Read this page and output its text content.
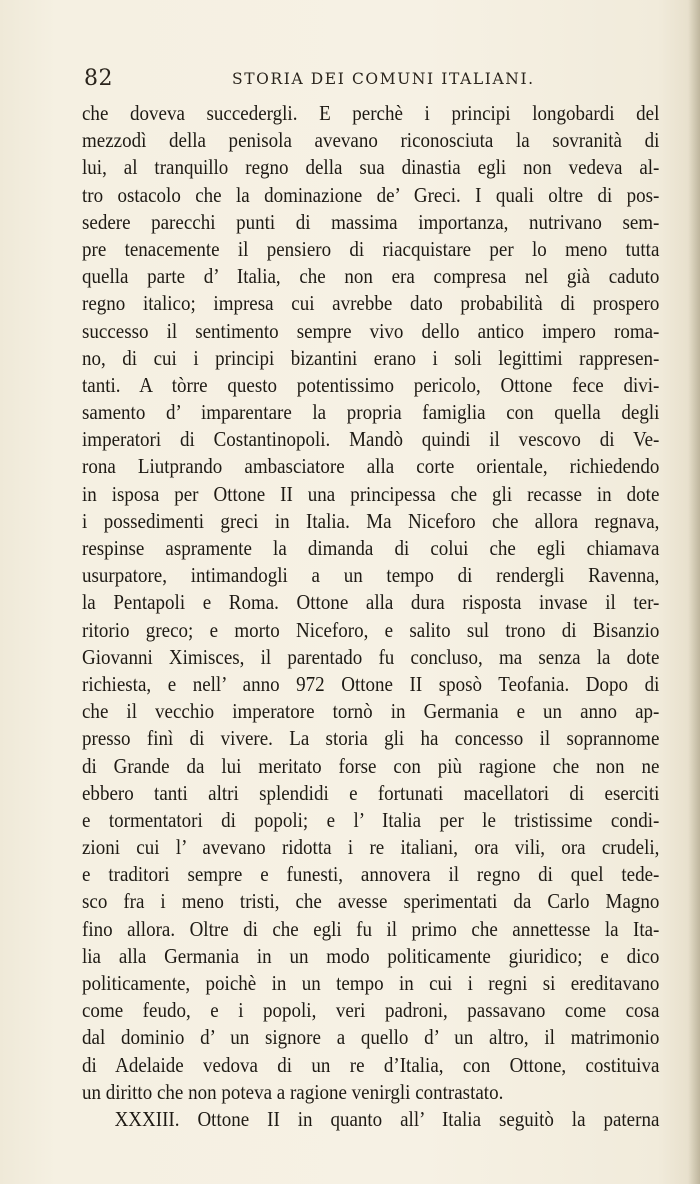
82	STORIA DEI COMUNI ITALIANI.
che doveva succedergli. E perchè i principi longobardi del
mezzodì della penisola avevano riconosciuta la sovranità di
lui, al tranquillo regno della sua dinastia egli non vedeva al-
tro ostacolo che la dominazione de’ Greci. I quali oltre di pos-
sedere parecchi punti di massima importanza, nutrivano sem-
pre tenacemente il pensiero di riacquistare per lo meno tutta
quella parte d’ Italia, che non era compresa nel già caduto
regno italico; impresa cui avrebbe dato probabilità di prospero
successo il sentimento sempre vivo dello antico impero roma-
no, di cui i principi bizantini erano i soli legittimi rappresen-
tanti. A tòrre questo potentissimo pericolo, Ottone fece divi-
samento d’ imparentare la propria famiglia con quella degli
imperatori di Costantinopoli. Mandò quindi il vescovo di Ve-
rona Liutprando ambasciatore alla corte orientale, richiedendo
in isposa per Ottone II una principessa che gli recasse in dote
i possedimenti greci in Italia. Ma Niceforo che allora regnava,
respinse aspramente la dimanda di colui che egli chiamava
usurpatore, intimandogli a un tempo di rendergli Ravenna,
la Pentapoli e Roma. Ottone alla dura risposta invase il ter-
ritorio greco; e morto Niceforo, e salito sul trono di Bisanzio
Giovanni Ximisces, il parentado fu concluso, ma senza la dote
richiesta, e nell’ anno 972 Ottone II sposò Teofania. Dopo di
che il vecchio imperatore tornò in Germania e un anno ap-
presso finì di vivere. La storia gli ha concesso il soprannome
di Grande da lui meritato forse con più ragione che non ne
ebbero tanti altri splendidi e fortunati macellatori di eserciti
e tormentatori di popoli; e l’ Italia per le tristissime condi-
zioni cui l’ avevano ridotta i re italiani, ora vili, ora crudeli,
e traditori sempre e funesti, annovera il regno di quel tede-
sco fra i meno tristi, che avesse sperimentati da Carlo Magno
fino allora. Oltre di che egli fu il primo che annettesse la Ita-
lia alla Germania in un modo politicamente giuridico; e dico
politicamente, poichè in un tempo in cui i regni si ereditavano
come feudo, e i popoli, veri padroni, passavano come cosa
dal dominio d’ un signore a quello d’ un altro, il matrimonio
di Adelaide vedova di un re d’Italia, con Ottone, costituiva
un diritto che non poteva a ragione venirgli contrastato.
XXXIII. Ottone II in quanto all’ Italia seguitò la paterna
